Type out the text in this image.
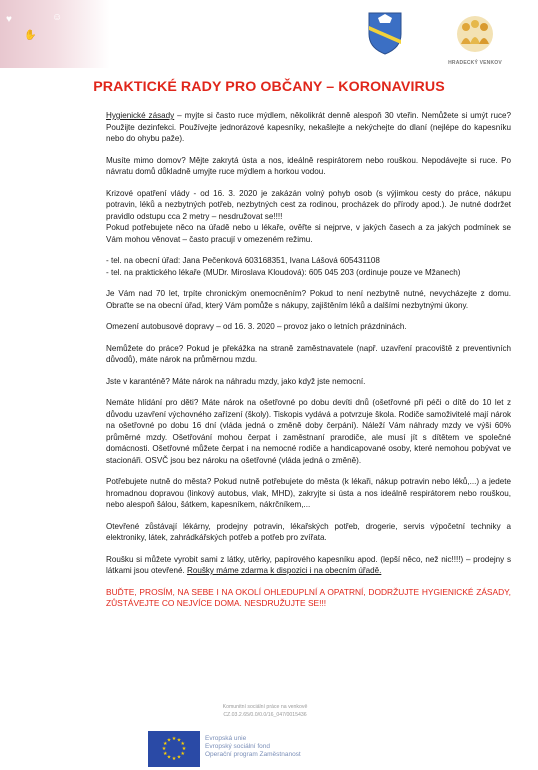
♥
✋
☺
HRADECKÝ VENKOV
PRAKTICKÉ RADY PRO OBČANY – KORONAVIRUS

Hygienické zásady – myjte si často ruce mýdlem, několikrát denně alespoň 30 vteřin. Nemůžete si umýt ruce? Použijte dezinfekci. Používejte jednorázové kapesníky, nekašlejte a nekýchejte do dlaní (nejlépe do kapesníku nebo do ohybu paže).

Musíte mimo domov? Mějte zakrytá ústa a nos, ideálně respirátorem nebo rouškou. Nepodávejte si ruce. Po návratu domů důkladně umyjte ruce mýdlem a horkou vodou.

Krizové opatření vlády - od 16. 3. 2020 je zakázán volný pohyb osob (s výjimkou cesty do práce, nákupu potravin, léků a nezbytných potřeb, nezbytných cest za rodinou, procházek do přírody apod.). Je nutné dodržet pravidlo odstupu cca 2 metry – nesdružovat se!!!!

Pokud potřebujete něco na úřadě nebo u lékaře, ověřte si nejprve, v jakých časech a za jakých podmínek se Vám mohou věnovat – často pracují v omezeném režimu.

- tel. na obecní úřad: Jana Pečenková 603168351, Ivana Lášová 605431108

- tel. na praktického lékaře (MUDr. Miroslava Kloudová): 605 045 203 (ordinuje pouze ve Mžanech)

Je Vám nad 70 let, trpíte chronickým onemocněním? Pokud to není nezbytně nutné, nevycházejte z domu. Obraťte se na obecní úřad, který Vám pomůže s nákupy, zajištěním léků a dalšími nezbytnými úkony.

Omezení autobusové dopravy – od 16. 3. 2020 – provoz jako o letních prázdninách.

Nemůžete do práce? Pokud je překážka na straně zaměstnavatele (např. uzavření pracoviště z preventivních důvodů), máte nárok na průměrnou mzdu.

Jste v karanténě? Máte nárok na náhradu mzdy, jako když jste nemocní.

Nemáte hlídání pro děti? Máte nárok na ošetřovné po dobu devíti dnů (ošetřovné při péči o dítě do 10 let z důvodu uzavření výchovného zařízení (školy). Tiskopis vydává a potvrzuje škola. Rodiče samoživitelé mají nárok na ošetřovné po dobu 16 dní (vláda jedná o změně doby čerpání). Náleží Vám náhrady mzdy ve výši 60% průměrné mzdy. Ošetřování mohou čerpat i zaměstnaní prarodiče, ale musí jít s dítětem ve společné domácnosti. Ošetřovné můžete čerpat i na nemocné rodiče a handicapované osoby, které nemohou pobývat ve stacionáři. OSVČ jsou bez nároku na ošetřovné (vláda jedná o změně).

Potřebujete nutně do města? Pokud nutně potřebujete do města (k lékaři, nákup potravin nebo léků,...) a jedete hromadnou dopravou (linkový autobus, vlak, MHD), zakryjte si ústa a nos ideálně respirátorem nebo rouškou, nebo alespoň šálou, šátkem, kapesníkem, nákrčníkem,...

Otevřené zůstávají lékárny, prodejny potravin, lékařských potřeb, drogerie, servis výpočetní techniky a elektroniky, látek, zahrádkářských potřeb a potřeb pro zvířata.

Roušku si můžete vyrobit sami z látky, utěrky, papírového kapesníku apod. (lepší něco, než nic!!!!) – prodejny s látkami jsou otevřené. Roušky máme zdarma k dispozici i na obecním úřadě.

BUĎTE, PROSÍM, NA SEBE I NA OKOLÍ OHLEDUPLNÍ A OPATRNÍ, DODRŽUJTE HYGIENICKÉ ZÁSADY, ZŮSTÁVEJTE CO NEJVÍCE DOMA. NESDRUŽUJTE SE!!!

Komunitní sociální práce na venkově
CZ.03.2.65/0.0/0.0/16_047/0015436
★ ★
★
★
★
★
★
★
★
★
★
★	Evropská unie
Evropský sociální fond
Operační program Zaměstnanost
